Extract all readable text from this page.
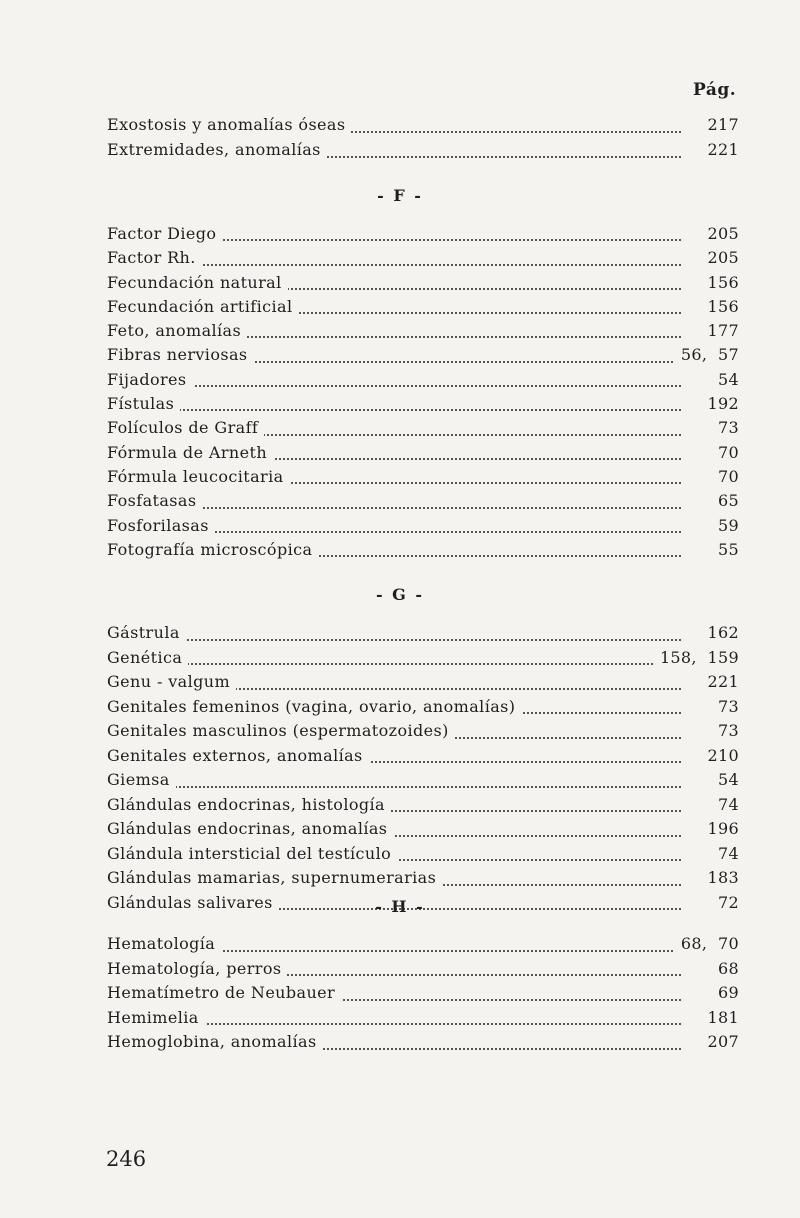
Pág.
Exostosis y anomalías óseas	217
Extremidades, anomalías	221
- F -
Factor Diego	205
Factor Rh.	205
Fecundación natural	156
Fecundación artificial	156
Feto, anomalías	177
Fibras nerviosas	56,  57
Fijadores	54
Fístulas	192
Folículos de Graff	73
Fórmula de Arneth	70
Fórmula leucocitaria	70
Fosfatasas	65
Fosforilasas	59
Fotografía microscópica	55
- G -
Gástrula	162
Genética	158,  159
Genu - valgum	221
Genitales femeninos (vagina, ovario, anomalías)	73
Genitales masculinos (espermatozoides)	73
Genitales externos, anomalías	210
Giemsa	54
Glándulas endocrinas, histología	74
Glándulas endocrinas, anomalías	196
Glándula intersticial del testículo	74
Glándulas mamarias, supernumerarias	183
Glándulas salivares	72
- H -
Hematología	68,  70
Hematología, perros	68
Hematímetro de Neubauer	69
Hemimelia	181
Hemoglobina, anomalías	207
246
